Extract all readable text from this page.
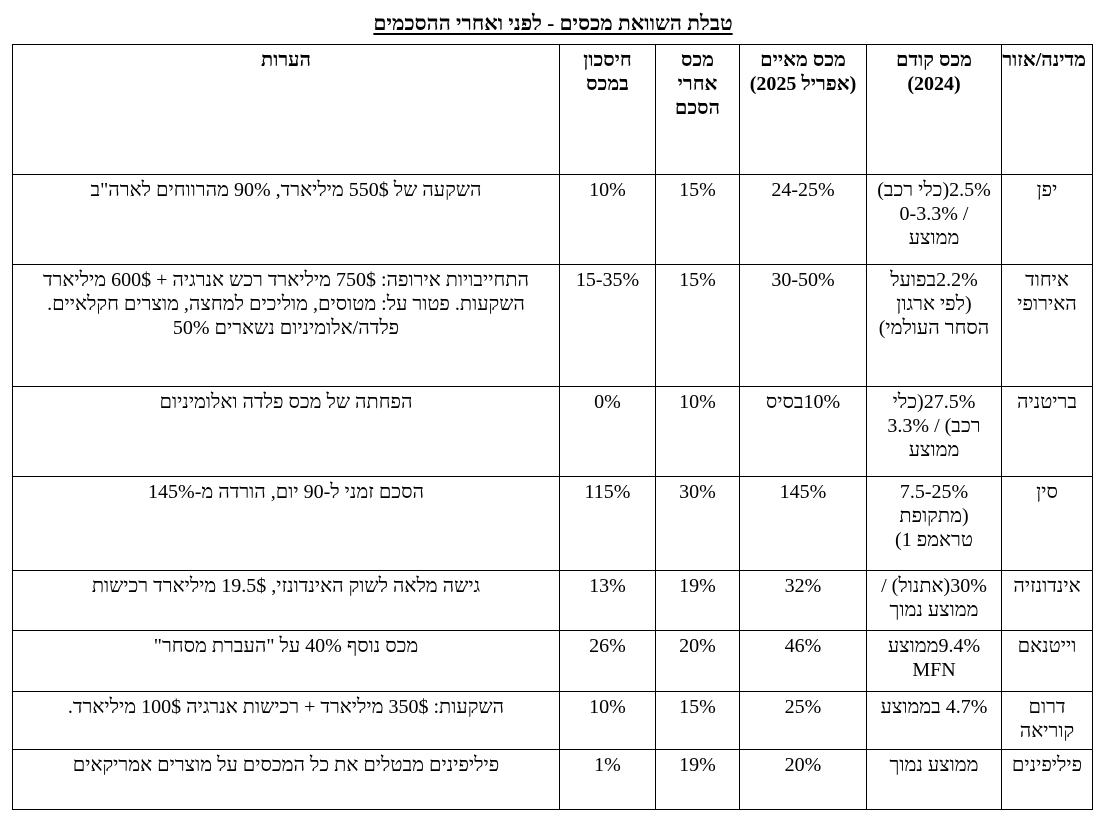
טבלת השוואת מכסים - לפני ואחרי ההסכמים
מדינה/אזור	מכס קודם (2024)	מכס מאיים (אפריל 2025)	מכס אחרי הסכם	חיסכון במכס	הערות
יפן	2.5%(כלי רכב) / 0-3.3% ממוצע	24-25%	15%	10%	השקעה של 550$ מיליארד, 90% מהרווחים לארה"ב
איחוד האירופי	2.2%בפועל (לפי ארגון הסחר העולמי)	30-50%	15%	15-35%	התחייבויות אירופה: 750$ מיליארד רכש אנרגיה + 600$ מיליארד השקעות. פטור על: מטוסים, מוליכים למחצה, מוצרים חקלאיים. פלדה/אלומיניום נשארים 50%
בריטניה	27.5%(כלי רכב) / 3.3% ממוצע	10%בסיס	10%	0%	הפחתה של מכס פלדה ואלומיניום
סין	7.5-25% (מתקופת טראמפ 1)	145%	30%	115%	הסכם זמני ל-90 יום, הורדה מ-145%
אינדונזיה	30%(אתנול) / ממוצע נמוך	32%	19%	13%	גישה מלאה לשוק האינדונזי, 19.5$ מיליארד רכישות
וייטנאם	9.4%ממוצע MFN	46%	20%	26%	מכס נוסף 40% על "העברת מסחר"
דרום קוריאה	4.7% בממוצע	25%	15%	10%	השקעות: 350$ מיליארד + רכישות אנרגיה 100$ מיליארד.
פיליפינים	ממוצע נמוך	20%	19%	1%	פיליפינים מבטלים את כל המכסים על מוצרים אמריקאים
